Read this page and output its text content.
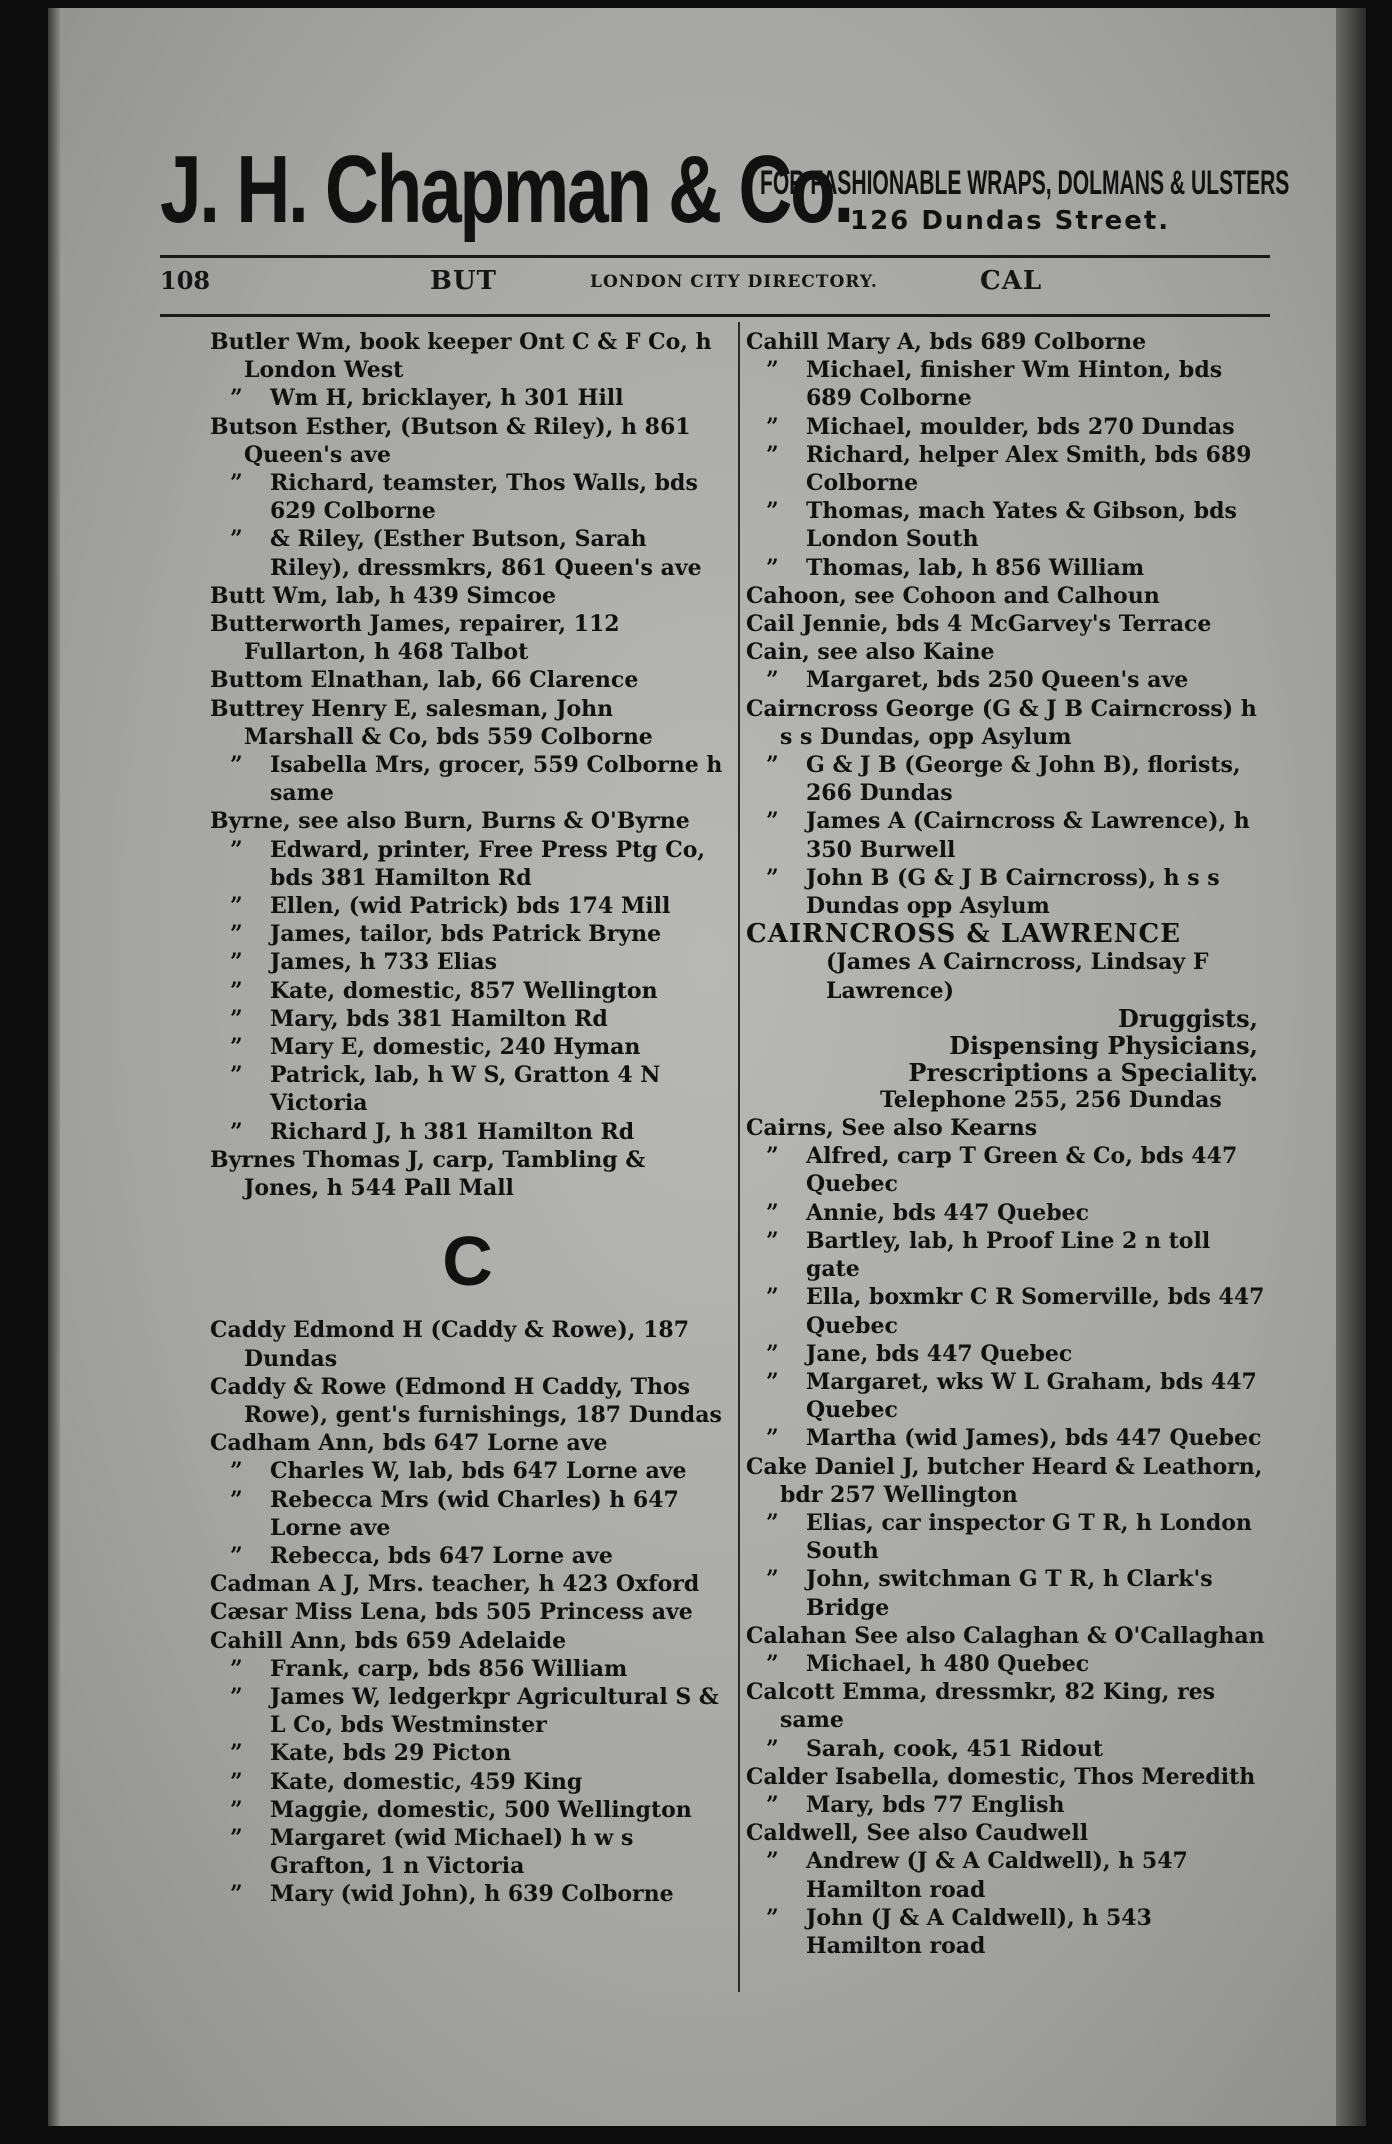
J. H. Chapman & Co.
FOR FASHIONABLE WRAPS, DOLMANS & ULSTERS
126 Dundas Street.
108	BUT	LONDON CITY DIRECTORY.	CAL
Butler Wm, book keeper Ont C & F Co, h London West
” Wm H, bricklayer, h 301 Hill
Butson Esther, (Butson & Riley), h 861 Queen's ave
” Richard, teamster, Thos Walls, bds 629 Colborne
” & Riley, (Esther Butson, Sarah Riley), dressmkrs, 861 Queen's ave
Butt Wm, lab, h 439 Simcoe
Butterworth James, repairer, 112 Fullarton, h 468 Talbot
Buttom Elnathan, lab, 66 Clarence
Buttrey Henry E, salesman, John Marshall & Co, bds 559 Colborne
” Isabella Mrs, grocer, 559 Colborne h same
Byrne, see also Burn, Burns & O'Byrne
” Edward, printer, Free Press Ptg Co, bds 381 Hamilton Rd
” Ellen, (wid Patrick) bds 174 Mill
” James, tailor, bds Patrick Bryne
” James, h 733 Elias
” Kate, domestic, 857 Wellington
” Mary, bds 381 Hamilton Rd
” Mary E, domestic, 240 Hyman
” Patrick, lab, h W S, Gratton 4 N Victoria
” Richard J, h 381 Hamilton Rd
Byrnes Thomas J, carp, Tambling & Jones, h 544 Pall Mall
C
Caddy Edmond H (Caddy & Rowe), 187 Dundas
Caddy & Rowe (Edmond H Caddy, Thos Rowe), gent's furnishings, 187 Dundas
Cadham Ann, bds 647 Lorne ave
” Charles W, lab, bds 647 Lorne ave
” Rebecca Mrs (wid Charles) h 647 Lorne ave
” Rebecca, bds 647 Lorne ave
Cadman A J, Mrs. teacher, h 423 Oxford
Cæsar Miss Lena, bds 505 Princess ave
Cahill Ann, bds 659 Adelaide
” Frank, carp, bds 856 William
” James W, ledgerkpr Agricultural S & L Co, bds Westminster
” Kate, bds 29 Picton
” Kate, domestic, 459 King
” Maggie, domestic, 500 Wellington
” Margaret (wid Michael) h w s Grafton, 1 n Victoria
” Mary (wid John), h 639 Colborne
Cahill Mary A, bds 689 Colborne
” Michael, finisher Wm Hinton, bds 689 Colborne
” Michael, moulder, bds 270 Dundas
” Richard, helper Alex Smith, bds 689 Colborne
” Thomas, mach Yates & Gibson, bds London South
” Thomas, lab, h 856 William
Cahoon, see Cohoon and Calhoun
Cail Jennie, bds 4 McGarvey's Terrace
Cain, see also Kaine
” Margaret, bds 250 Queen's ave
Cairncross George (G & J B Cairncross) h s s Dundas, opp Asylum
” G & J B (George & John B), florists, 266 Dundas
” James A (Cairncross & Lawrence), h 350 Burwell
” John B (G & J B Cairncross), h s s Dundas opp Asylum
CAIRNCROSS & LAWRENCE
(James A Cairncross, Lindsay F Lawrence)
Druggists,
Dispensing Physicians,
Prescriptions a Speciality.
Telephone 255, 256 Dundas
Cairns, See also Kearns
” Alfred, carp T Green & Co, bds 447 Quebec
” Annie, bds 447 Quebec
” Bartley, lab, h Proof Line 2 n toll gate
” Ella, boxmkr C R Somerville, bds 447 Quebec
” Jane, bds 447 Quebec
” Margaret, wks W L Graham, bds 447 Quebec
” Martha (wid James), bds 447 Quebec
Cake Daniel J, butcher Heard & Leathorn, bdr 257 Wellington
” Elias, car inspector G T R, h London South
” John, switchman G T R, h Clark's Bridge
Calahan See also Calaghan & O'Callaghan
” Michael, h 480 Quebec
Calcott Emma, dressmkr, 82 King, res same
” Sarah, cook, 451 Ridout
Calder Isabella, domestic, Thos Meredith
” Mary, bds 77 English
Caldwell, See also Caudwell
” Andrew (J & A Caldwell), h 547 Hamilton road
” John (J & A Caldwell), h 543 Hamilton road
